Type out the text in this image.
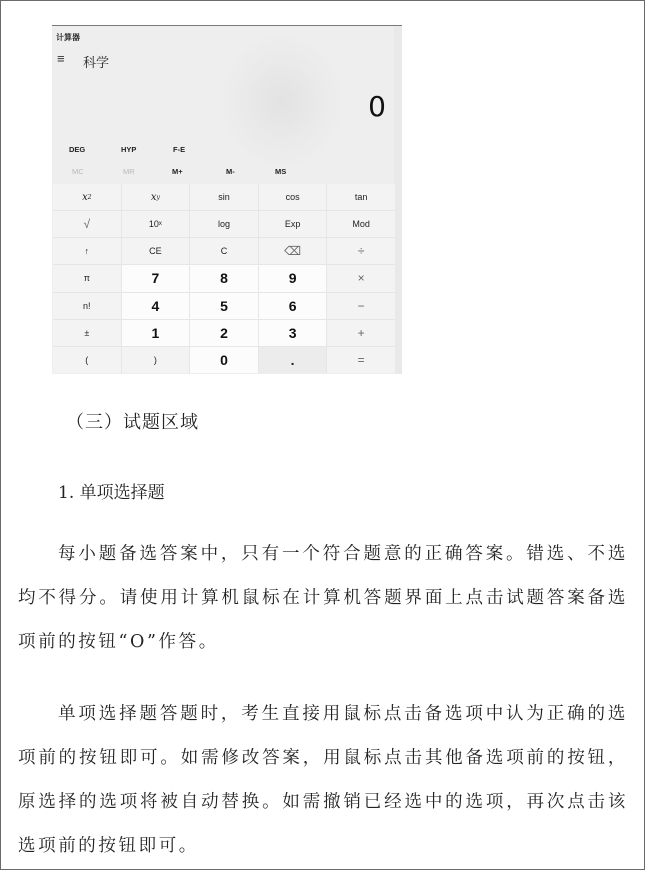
计算器
≡ 科学
0
DEG	HYP	F-E
MC	MR	M+	M-	MS
x 2	x y	sin	cos	tan
√	10 x	log	Exp	Mod
↑	CE	C	⌫	÷
π	7	8	9	×
n!	4	5	6	−
±	1	2	3	+
(	)	0	.	=
（三）试题区域
1. 单项选择题
每小题备选答案中，只有一个符合题意的正确答案。错选、不选均不得分。请使用计算机鼠标在计算机答题界面上点击试题答案备选项前的按钮“O”作答。
单项选择题答题时，考生直接用鼠标点击备选项中认为正确的选项前的按钮即可。如需修改答案，用鼠标点击其他备选项前的按钮，原选择的选项将被自动替换。如需撤销已经选中的选项，再次点击该选项前的按钮即可。
